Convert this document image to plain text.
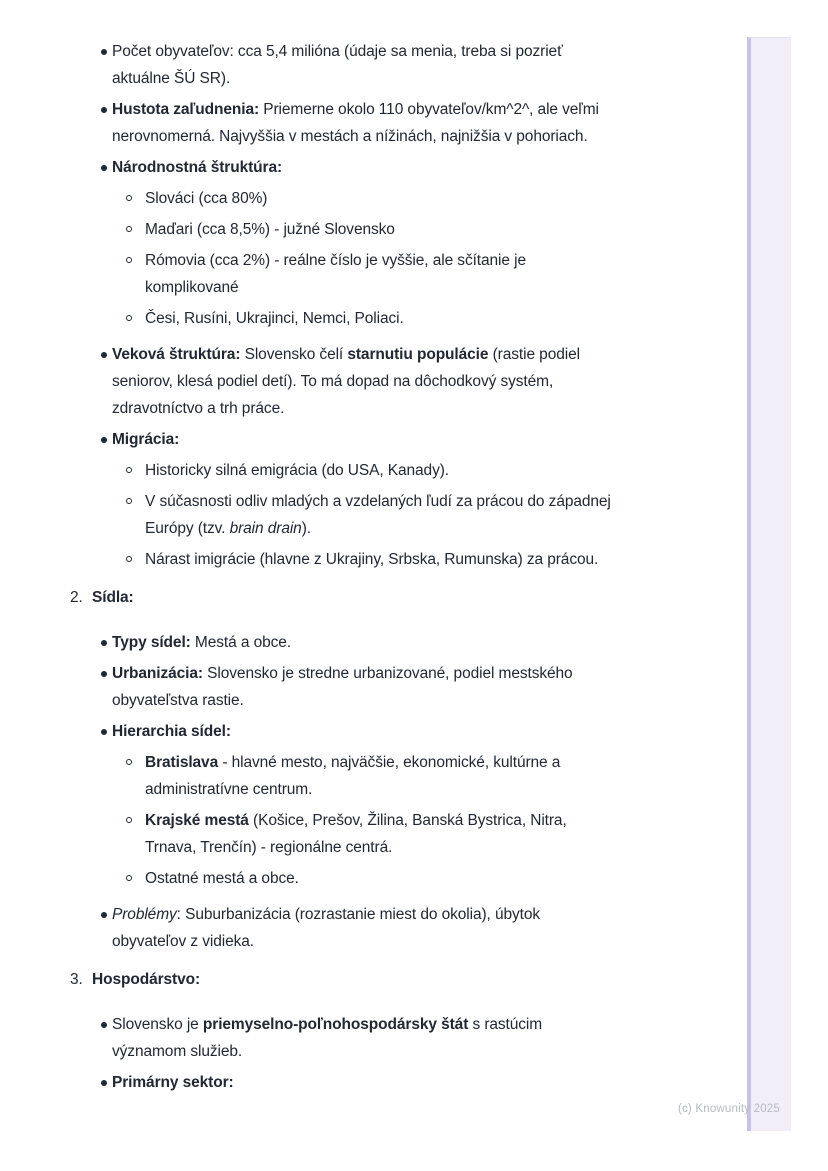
Počet obyvateľov: cca 5,4 milióna (údaje sa menia, treba si pozrieť
aktuálne ŠÚ SR).
Hustota zaľudnenia: Priemerne okolo 110 obyvateľov/km^2^, ale veľmi
nerovnomerná. Najvyššia v mestách a nížinách, najnižšia v pohoriach.
Národnostná štruktúra:
Slováci (cca 80%)
Maďari (cca 8,5%) - južné Slovensko
Rómovia (cca 2%) - reálne číslo je vyššie, ale sčítanie je
komplikované
Česi, Rusíni, Ukrajinci, Nemci, Poliaci.
Veková štruktúra: Slovensko čelí starnutiu populácie (rastie podiel
seniorov, klesá podiel detí). To má dopad na dôchodkový systém,
zdravotníctvo a trh práce.
Migrácia:
Historicky silná emigrácia (do USA, Kanady).
V súčasnosti odliv mladých a vzdelaných ľudí za prácou do západnej
Európy (tzv. brain drain).
Nárast imigrácie (hlavne z Ukrajiny, Srbska, Rumunska) za prácou.
2. Sídla:
Typy sídel: Mestá a obce.
Urbanizácia: Slovensko je stredne urbanizované, podiel mestského
obyvateľstva rastie.
Hierarchia sídel:
Bratislava - hlavné mesto, najväčšie, ekonomické, kultúrne a
administratívne centrum.
Krajské mestá (Košice, Prešov, Žilina, Banská Bystrica, Nitra,
Trnava, Trenčín) - regionálne centrá.
Ostatné mestá a obce.
Problémy: Suburbanizácia (rozrastanie miest do okolia), úbytok
obyvateľov z vidieka.
3. Hospodárstvo:
Slovensko je priemyselno-poľnohospodársky štát s rastúcim
významom služieb.
Primárny sektor:
(c) Knowunity 2025
